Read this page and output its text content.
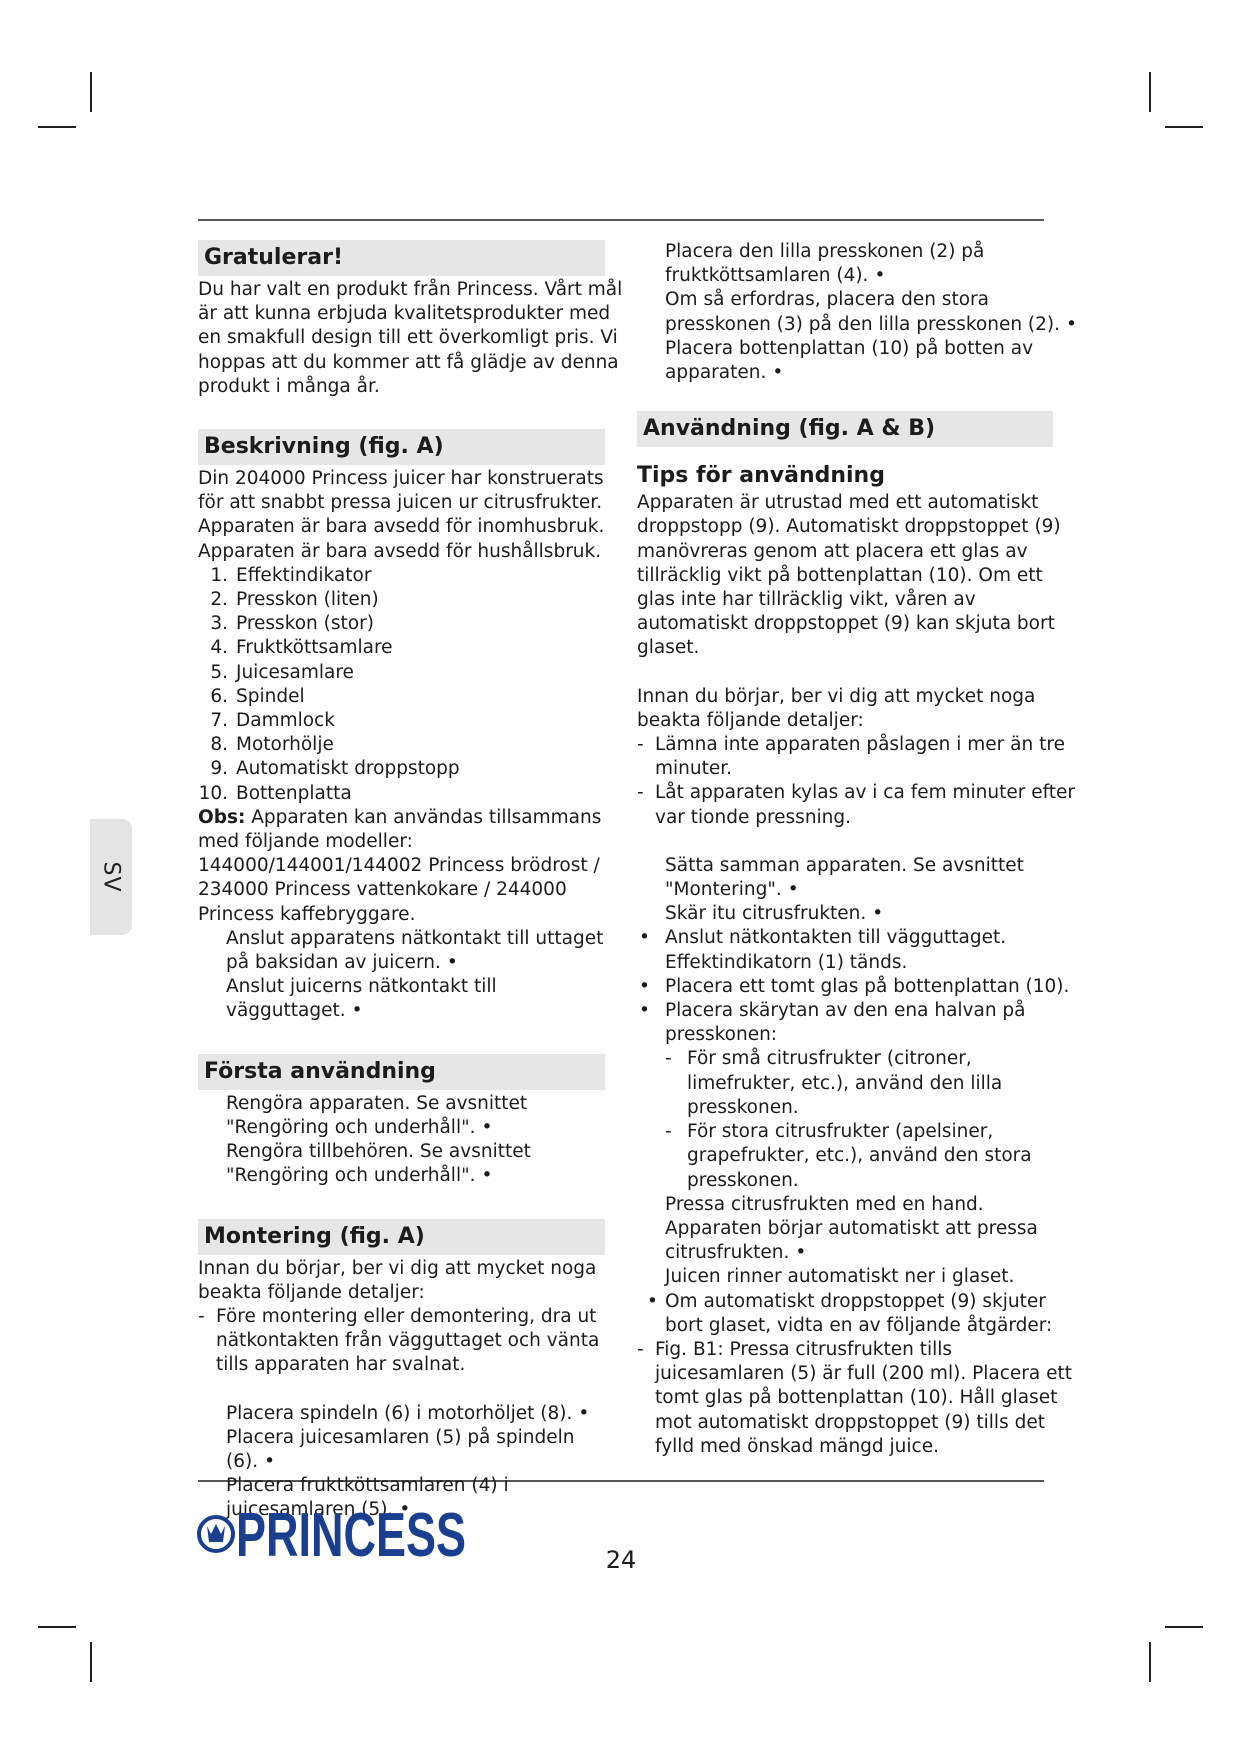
SV
Gratulerar!

Du har valt en produkt från Princess. Vårt mål är att kunna erbjuda kvalitetsprodukter med en smakfull design till ett överkomligt pris. Vi hoppas att du kommer att få glädje av denna produkt i många år.

Beskrivning (fig. A)

Din 204000 Princess juicer har konstruerats för att snabbt pressa juicen ur citrusfrukter.

Apparaten är bara avsedd för inomhusbruk.

Apparaten är bara avsedd för hushållsbruk.

1. Effektindikator
2. Presskon (liten)
3. Presskon (stor)
4. Fruktköttsamlare
5. Juicesamlare
6. Spindel
7. Dammlock
8. Motorhölje
9. Automatiskt droppstopp
10. Bottenplatta

Obs: Apparaten kan användas tillsammans med följande modeller: 144000/144001/144002 Princess brödrost / 234000 Princess vattenkokare / 244000 Princess kaffebryggare.

Anslut apparatens nätkontakt till uttaget på baksidan av juicern. •

Anslut juicerns nätkontakt till vägguttaget. •

Första användning

Rengöra apparaten. Se avsnittet "Rengöring och underhåll". •

Rengöra tillbehören. Se avsnittet "Rengöring och underhåll". •

Montering (fig. A)

Innan du börjar, ber vi dig att mycket noga beakta följande detaljer:

- Före montering eller demontering, dra ut nätkontakten från vägguttaget och vänta tills apparaten har svalnat.

Placera spindeln (6) i motorhöljet (8). •

Placera juicesamlaren (5) på spindeln (6). •

Placera fruktköttsamlaren (4) i juicesamlaren (5). •

Placera den lilla presskonen (2) på fruktköttsamlaren (4). •

Om så erfordras, placera den stora presskonen (3) på den lilla presskonen (2). •

Placera bottenplattan (10) på botten av apparaten. •

Användning (fig. A & B)
Tips för användning

Apparaten är utrustad med ett automatiskt droppstopp (9). Automatiskt droppstoppet (9) manövreras genom att placera ett glas av tillräcklig vikt på bottenplattan (10). Om ett glas inte har tillräcklig vikt, våren av automatiskt droppstoppet (9) kan skjuta bort glaset.

Innan du börjar, ber vi dig att mycket noga beakta följande detaljer:

- Lämna inte apparaten påslagen i mer än tre minuter.
- Låt apparaten kylas av i ca fem minuter efter var tionde pressning.

Sätta samman apparaten. Se avsnittet "Montering". •

Skär itu citrusfrukten. •

• Anslut nätkontakten till vägguttaget.

Effektindikatorn (1) tänds.

• Placera ett tomt glas på bottenplattan (10).
• Placera skärytan av den ena halvan på presskonen:
- För små citrusfrukter (citroner, limefrukter, etc.), använd den lilla presskonen.
- För stora citrusfrukter (apelsiner, grapefrukter, etc.), använd den stora presskonen.

Pressa citrusfrukten med en hand. Apparaten börjar automatiskt att pressa citrusfrukten. •

Juicen rinner automatiskt ner i glaset.

• Om automatiskt droppstoppet (9) skjuter bort glaset, vidta en av följande åtgärder:
- Fig. B1: Pressa citrusfrukten tills juicesamlaren (5) är full (200 ml). Placera ett tomt glas på bottenplattan (10). Håll glaset mot automatiskt droppstoppet (9) tills det fylld med önskad mängd juice.
PRINCESS	24
